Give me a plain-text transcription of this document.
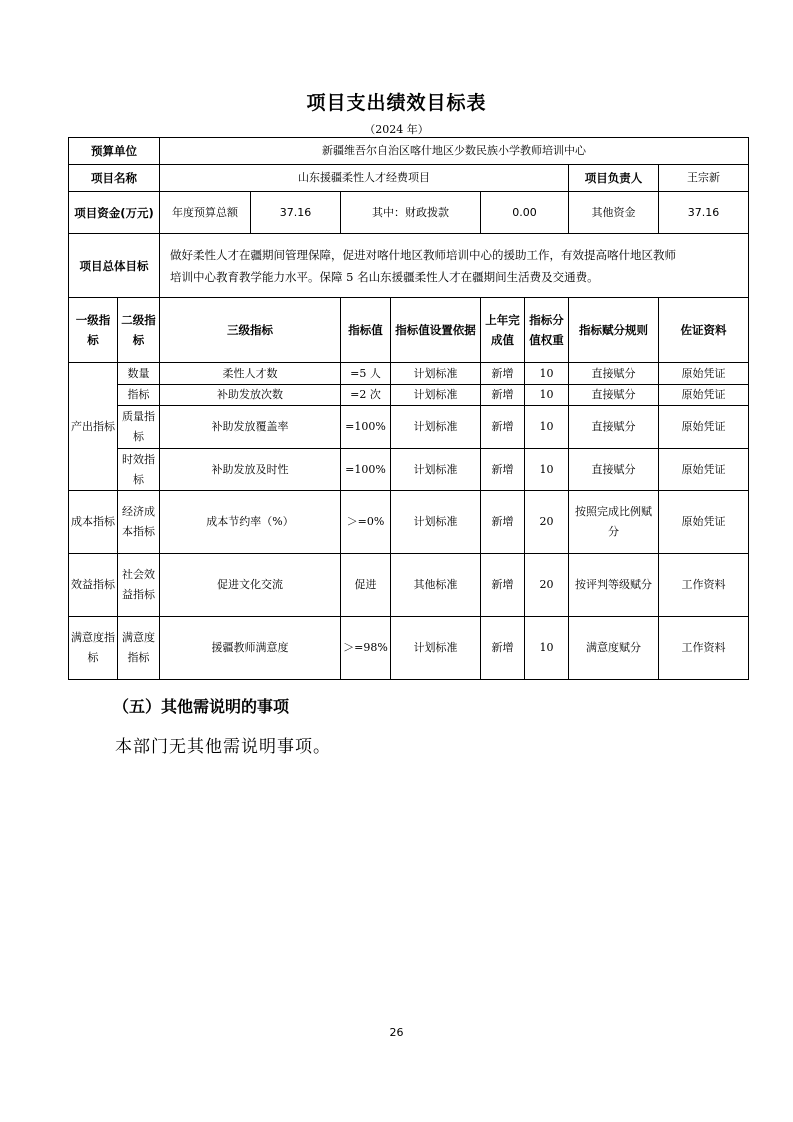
项目支出绩效目标表
（2024 年）
预算单位		新疆维吾尔自治区喀什地区少数民族小学教师培训中心							
项目名称		山东援疆柔性人才经费项目						项目负责人	王宗新
项目资金(万元)		年度预算总额	37.16	其中：财政拨款		0.00		其他资金	37.16
项目总体目标		做好柔性人才在疆期间管理保障，促进对喀什地区教师培训中心的援助工作，有效提高喀什地区教师
培训中心教育教学能力水平。保障 5 名山东援疆柔性人才在疆期间生活费及交通费。							

一级指标	二级指标	三级指标		指标值	指标值设置依据	上年完成值	指标分值权重	指标赋分规则	佐证资料
产出指标	数量	柔性人才数		=5 人	计划标准	新增	10	直接赋分	原始凭证
	指标	补助发放次数		=2 次	计划标准	新增	10	直接赋分	原始凭证
	质量指标	补助发放覆盖率		=100%	计划标准	新增	10	直接赋分	原始凭证
	时效指标	补助发放及时性		=100%	计划标准	新增	10	直接赋分	原始凭证
成本指标	经济成本指标	成本节约率（%）		＞=0%	计划标准	新增	20	按照完成比例赋分	原始凭证
效益指标	社会效益指标	促进文化交流		促进	其他标准	新增	20	按评判等级赋分	工作资料
满意度指标	满意度指标	援疆教师满意度		＞=98%	计划标准	新增	10	满意度赋分	工作资料
（五）其他需说明的事项
本部门无其他需说明事项。
26
